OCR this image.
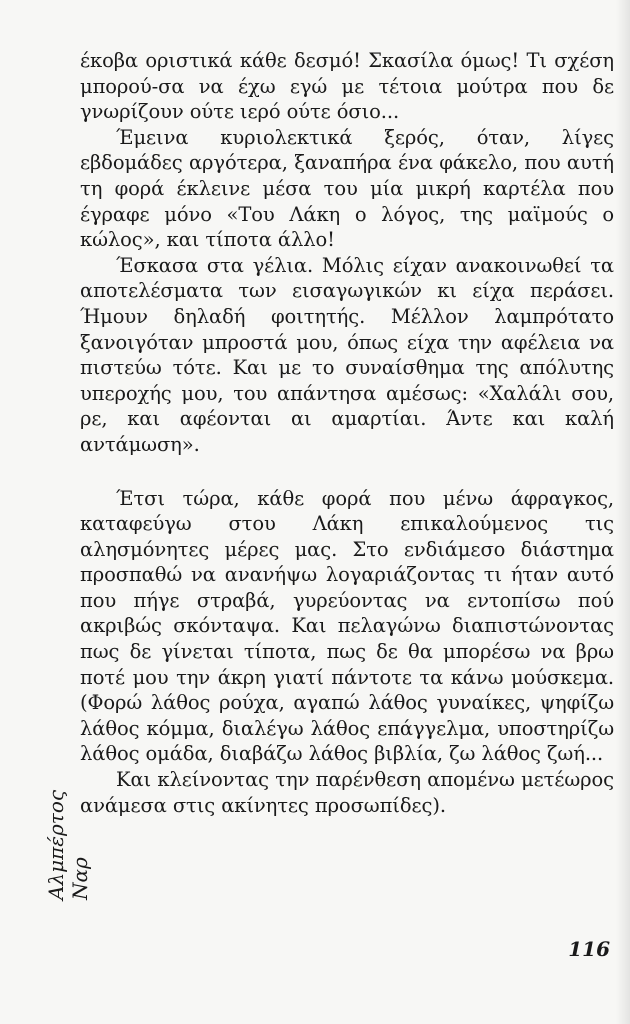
έκοβα οριστικά κάθε δεσμό! Σκασίλα όμως! Τι σχέση μπορού-σα να έχω εγώ με τέτοια μούτρα που δε γνωρίζουν ούτε ιερό ούτε όσιο...

Έμεινα κυριολεκτικά ξερός, όταν, λίγες εβδομάδες αργότερα, ξαναπήρα ένα φάκελο, που αυτή τη φορά έκλεινε μέσα του μία μικρή καρτέλα που έγραφε μόνο «Του Λάκη ο λόγος, της μαϊμούς ο κώλος», και τίποτα άλλο!

Έσκασα στα γέλια. Μόλις είχαν ανακοινωθεί τα αποτελέσματα των εισαγωγικών κι είχα περάσει. Ήμουν δηλαδή φοιτητής. Μέλλον λαμπρότατο ξανοιγόταν μπροστά μου, όπως είχα την αφέλεια να πιστεύω τότε. Και με το συναίσθημα της απόλυτης υπεροχής μου, του απάντησα αμέσως: «Χαλάλι σου, ρε, και αφέονται αι αμαρτίαι. Άντε και καλή αντάμωση».

Έτσι τώρα, κάθε φορά που μένω άφραγκος, καταφεύγω στου Λάκη επικαλούμενος τις αλησμόνητες μέρες μας. Στο ενδιάμεσο διάστημα προσπαθώ να ανανήψω λογαριάζοντας τι ήταν αυτό που πήγε στραβά, γυρεύοντας να εντοπίσω πού ακριβώς σκόνταψα. Και πελαγώνω διαπιστώνοντας πως δε γίνεται τίποτα, πως δε θα μπορέσω να βρω ποτέ μου την άκρη γιατί πάντοτε τα κάνω μούσκεμα. (Φορώ λάθος ρούχα, αγαπώ λάθος γυναίκες, ψηφίζω λάθος κόμμα, διαλέγω λάθος επάγγελμα, υποστηρίζω λάθος ομάδα, διαβάζω λάθος βιβλία, ζω λάθος ζωή...

Και κλείνοντας την παρένθεση απομένω μετέωρος ανάμεσα στις ακίνητες προσωπίδες).

Αλμπέρτος Ναρ
116
